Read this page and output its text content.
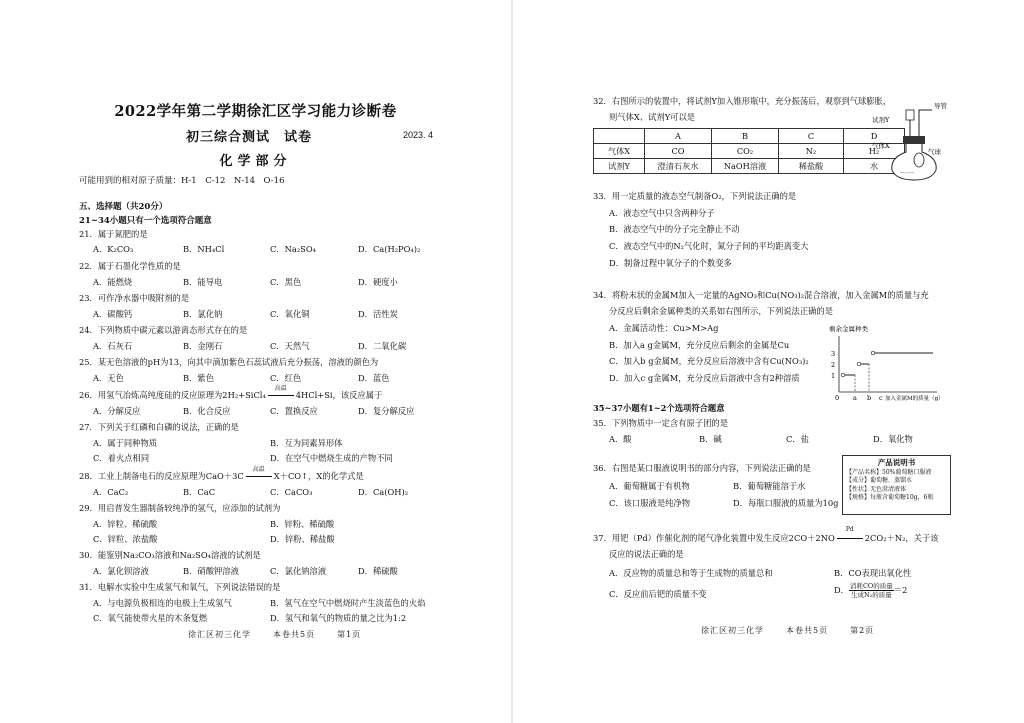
2022学年第二学期徐汇区学习能力诊断卷
初三综合测试　试卷	2023. 4
化学部分
可能用到的相对原子质量：H-1　C-12　N-14　O-16
五、选择题（共20分）
21~34小题只有一个选项符合题意
21．属于氮肥的是
A．K₂CO₃	B．NH₄Cl	C．Na₂SO₄	D．Ca(H₂PO₄)₂
22．属于石墨化学性质的是
A．能燃烧	B．能导电	C．黑色	D．硬度小
23．可作净水器中吸附剂的是
A．碳酸钙	B．氯化钠	C．氧化铜	D．活性炭
24．下列物质中碳元素以游离态形式存在的是
A．石灰石	B．金刚石	C．天然气	D．二氧化碳
25．某无色溶液的pH为13，向其中滴加紫色石蕊试液后充分振荡，溶液的颜色为
A．无色	B．紫色	C．红色	D．蓝色
26．用氢气冶炼高纯度硅的反应原理为2H₂+SiCl₄
高温
4HCl+Si，该反应属于
A．分解反应	B．化合反应	C．置换反应	D．复分解反应
27．下列关于红磷和白磷的说法，正确的是
A．属于同种物质	B．互为同素异形体
C．着火点相同	D．在空气中燃烧生成的产物不同
28．工业上制备电石的反应原理为CaO＋3C
高温
X＋CO↑，X的化学式是
A．CaC₂	B．CaC	C．CaCO₃	D．Ca(OH)₂
29．用启普发生器制备较纯净的氢气，应添加的试剂为
A．锌粒、稀硫酸	B．锌粉、稀硫酸
C．锌粒、浓盐酸	D．锌粉、稀盐酸
30．能鉴别Na₂CO₃溶液和Na₂SO₄溶液的试剂是
A．氯化钡溶液	B．硝酸钾溶液	C．氯化钠溶液	D．稀硫酸
31．电解水实验中生成氢气和氧气，下列说法错误的是
A．与电源负极相连的电极上生成氢气	B．氢气在空气中燃烧时产生淡蓝色的火焰
C．氧气能使带火星的木条复燃	D．氢气和氧气的物质的量之比为1:2
徐汇区初三化学	本卷共5页	第1页
32．右图所示的装置中，将试剂Y加入锥形瓶中，充分振荡后，观察到气球膨胀，
则气体X、试剂Y可以是
	A	B	C	D
气体X	CO	CO₂	N₂	H₂
试剂Y	澄清石灰水	NaOH溶液	稀盐酸	水
试剂Y
导管
气体X
气球
33．用一定质量的液态空气制备O₂，下列说法正确的是
A．液态空气中只含两种分子
B．液态空气中的分子完全静止不动
C．液态空气中的N₂气化时，氮分子间的平均距离变大
D．制备过程中氧分子的个数变多
34．将粉末状的金属M加入一定量的AgNO₃和Cu(NO₃)₂混合溶液，加入金属M的质量与充
分反应后剩余金属种类的关系如右图所示，下列说法正确的是
A．金属活动性：Cu>M>Ag
B．加入a g金属M，充分反应后剩余的金属是Cu
C．加入b g金属M，充分反应后溶液中含有Cu(NO₃)₂
D．加入c g金属M，充分反应后溶液中含有2种溶质
剩余金属种类
3
2
1
0 a b c 加入金属M的质量（g）
35~37小题有1~2个选项符合题意
35．下列物质中一定含有原子团的是
A．酸	B．碱	C．盐	D．氧化物
36．右图是某口服液说明书的部分内容，下列说法正确的是
A．葡萄糖属于有机物	B．葡萄糖能溶于水
C．该口服液是纯净物	D．每瓶口服液的质量为10g
产品说明书
【产品名称】50%葡萄糖口服液
【成分】葡萄糖、蒸馏水
【性状】无色澄清液体
【规格】每瓶含葡萄糖10g，6瓶
37．用钯（Pd）作催化剂的尾气净化装置中发生反应2CO＋2NO
Pd
2CO₂＋N₂，关于该
反应的说法正确的是
A．反应物的质量总和等于生成物的质量总和	B．CO表现出氧化性
C．反应前后钯的质量不变	D． $\frac{\text{消耗CO的质量}}{\text{生成N₂的质量}} =2$
徐汇区初三化学	本卷共5页	第2页
